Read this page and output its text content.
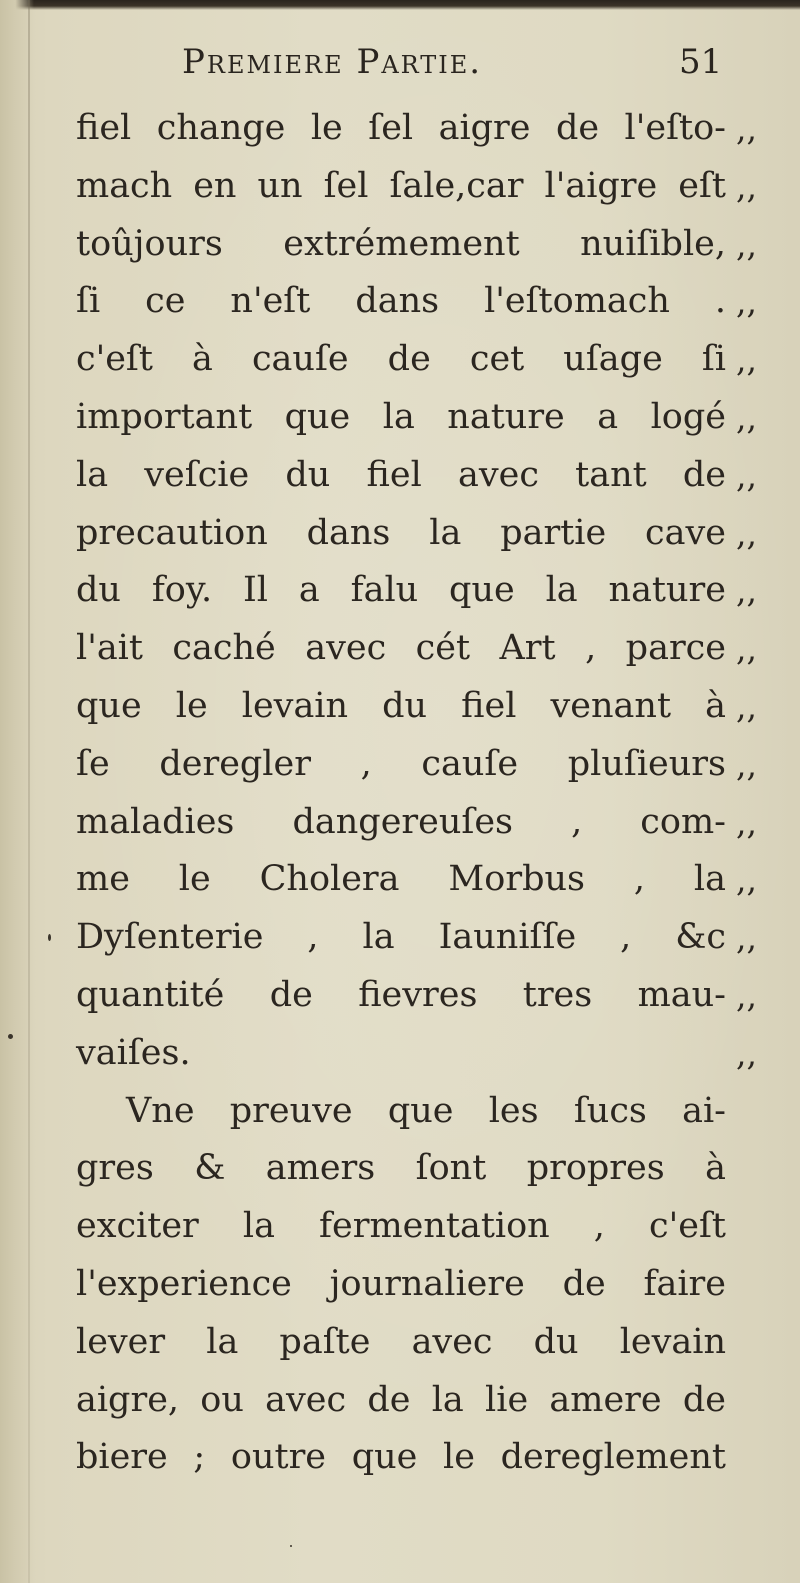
Premiere Partie.	51
fiel change le ſel aigre de l'eſto- ,,
mach en un ſel ſale,car l'aigre eſt ,,
toûjours extrémement nuiſible, ,,
ſi ce n'eſt dans l'eſtomach . ,,
c'eſt à cauſe de cet uſage ſi ,,
important que la nature a logé ,,
la veſcie du fiel avec tant de ,,
precaution dans la partie cave ,,
du foy. Il a falu que la nature ,,
l'ait caché avec cét Art , parce ,,
que le levain du fiel venant à ,,
ſe deregler , cauſe pluſieurs ,,
maladies dangereuſes , com- ,,
me le Cholera Morbus , la ,,
Dyſenterie , la Iauniſſe , &c ,,
quantité de fievres tres mau- ,,
vaiſes.	,,
Vne preuve que les ſucs ai-
gres & amers ſont propres à
exciter la fermentation , c'eſt
l'experience journaliere de faire
lever la paſte avec du levain
aigre, ou avec de la lie amere de
biere ; outre que le dereglement
